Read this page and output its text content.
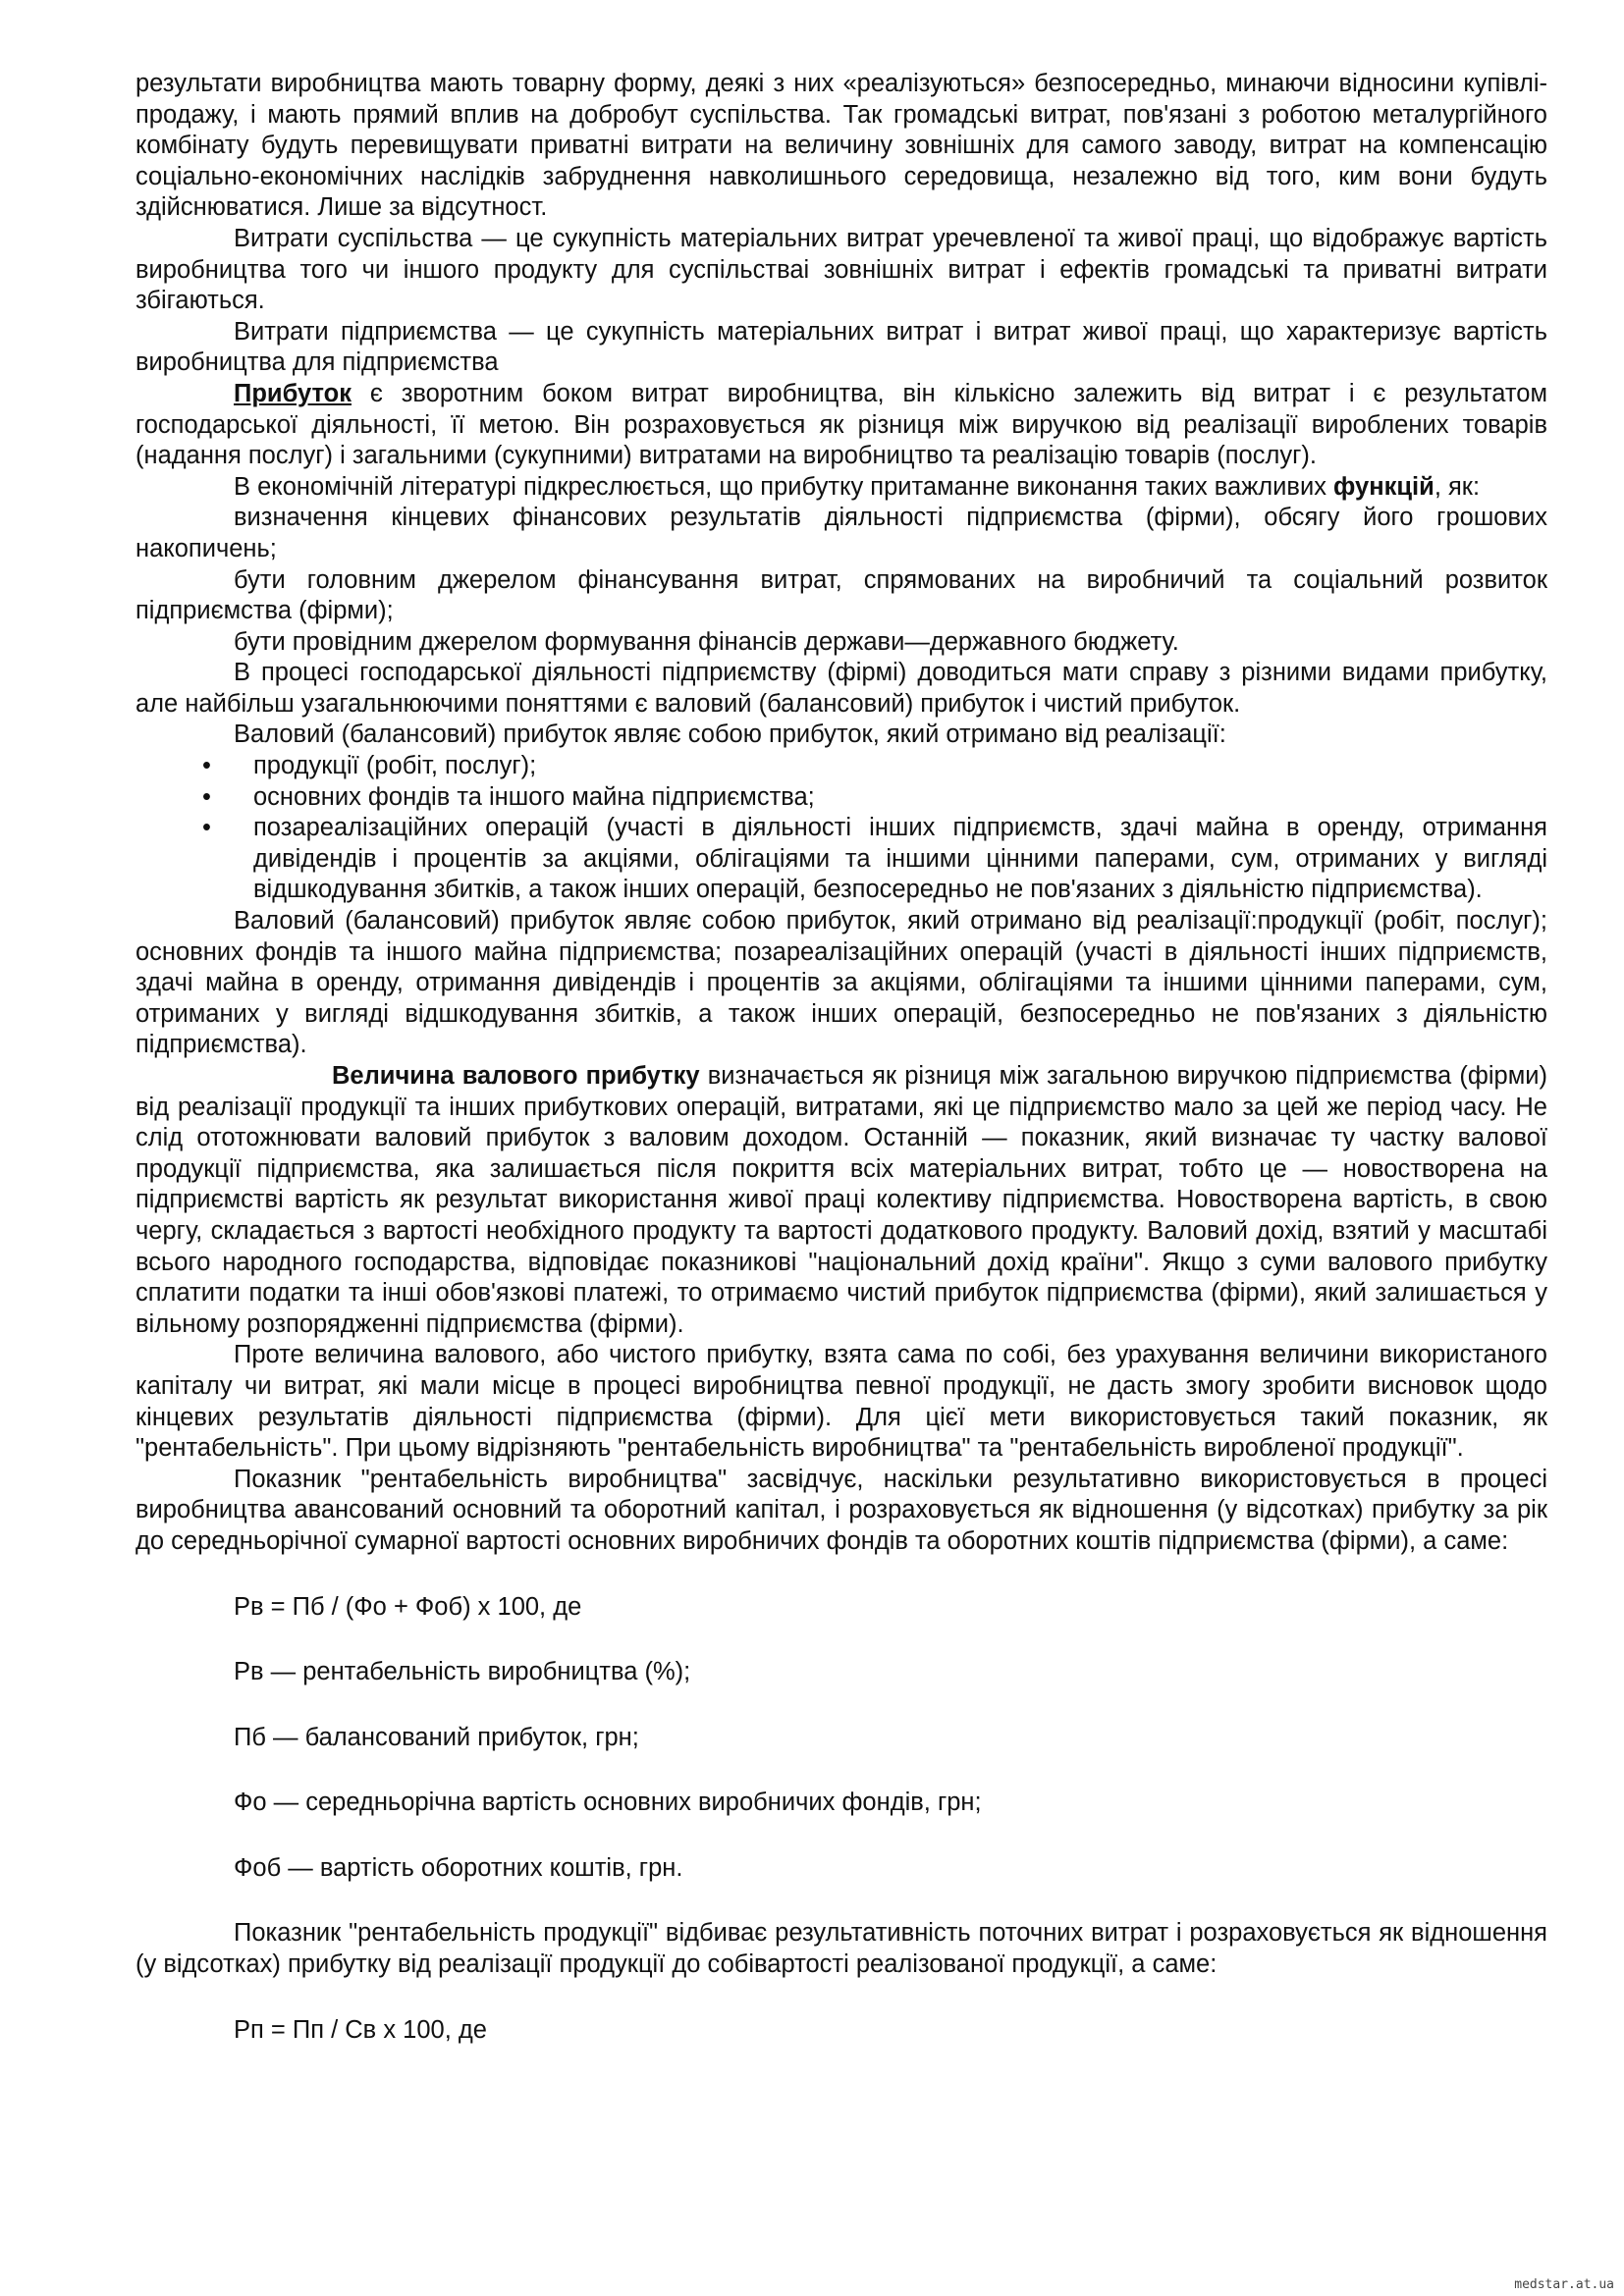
результати виробництва мають товарну форму, деякі з них «реалізуються» безпосередньо, минаючи відносини купівлі-продажу, і мають прямий вплив на добробут суспільства. Так громадські витрат, пов'язані з роботою металургійного комбінату будуть перевищувати приватні витрати на величину зовнішніх для самого заводу, витрат на компенсацію соціально-економічних наслідків забруднення навколишнього середовища, незалежно від того, ким вони будуть здійснюватися. Лише за відсутност.

Витрати суспільства — це сукупність матеріальних витрат уречевленої та живої праці, що відображує вартість виробництва того чи іншого продукту для суспільстваі зовнішніх витрат і ефектів громадські та приватні витрати збігаються.

Витрати підприємства — це сукупність матеріальних витрат і витрат живої праці, що характеризує вартість виробництва для підприємства

Прибуток є зворотним боком витрат виробництва, він кількісно залежить від витрат і є результатом господарської діяльності, її метою. Він розраховується як різниця між виручкою від реалізації вироблених товарів (надання послуг) і загальними (сукупними) витратами на виробництво та реалізацію товарів (послуг).

В економічній літературі підкреслюється, що прибутку притаманне виконання таких важливих функцій, як:

визначення кінцевих фінансових результатів діяльності підприємства (фірми), обсягу його грошових накопичень;

бути головним джерелом фінансування витрат, спрямованих на виробничий та соціальний розвиток підприємства (фірми);

бути провідним джерелом формування фінансів держави—державного бюджету.

В процесі господарської діяльності підприємству (фірмі) доводиться мати справу з різними видами прибутку, але найбільш узагальнюючими поняттями є валовий (балансовий) прибуток і чистий прибуток.

Валовий (балансовий) прибуток являє собою прибуток, який отримано від реалізації:

• продукції (робіт, послуг);
• основних фондів та іншого майна підприємства;
• позареалізаційних операцій (участі в діяльності інших підприємств, здачі майна в оренду, отримання дивідендів і процентів за акціями, облігаціями та іншими цінними паперами, сум, отриманих у вигляді відшкодування збитків, а також інших операцій, безпосередньо не пов'язаних з діяльністю підприємства).

Валовий (балансовий) прибуток являє собою прибуток, який отримано від реалізації:продукції (робіт, послуг); основних фондів та іншого майна підприємства; позареалізаційних операцій (участі в діяльності інших підприємств, здачі майна в оренду, отримання дивідендів і процентів за акціями, облігаціями та іншими цінними паперами, сум, отриманих у вигляді відшкодування збитків, а також інших операцій, безпосередньо не пов'язаних з діяльністю підприємства).

Величина валового прибутку визначається як різниця між загальною виручкою підприємства (фірми) від реалізації продукції та інших прибуткових операцій, витратами, які це підприємство мало за цей же період часу. Не слід ототожнювати валовий прибуток з валовим доходом. Останній — показник, який визначає ту частку валової продукції підприємства, яка залишається після покриття всіх матеріальних витрат, тобто це — новостворена на підприємстві вартість як результат використання живої праці колективу підприємства. Новостворена вартість, в свою чергу, складається з вартості необхідного продукту та вартості додаткового продукту. Валовий дохід, взятий у масштабі всього народного господарства, відповідає показникові "національний дохід країни". Якщо з суми валового прибутку сплатити податки та інші обов'язкові платежі, то отримаємо чистий прибуток підприємства (фірми), який залишається у вільному розпорядженні підприємства (фірми).

Проте величина валового, або чистого прибутку, взята сама по собі, без урахування величини використаного капіталу чи витрат, які мали місце в процесі виробництва певної продукції, не дасть змогу зробити висновок щодо кінцевих результатів діяльності підприємства (фірми). Для цієї мети використовується такий показник, як "рентабельність". При цьому відрізняють "рентабельність виробництва" та "рентабельність виробленої продукції".

Показник "рентабельність виробництва" засвідчує, наскільки результативно використовується в процесі виробництва авансований основний та оборотний капітал, і розраховується як відношення (у відсотках) прибутку за рік до середньорічної сумарної вартості основних виробничих фондів та оборотних коштів підприємства (фірми), а саме:

Рв = Пб / (Фо + Фоб) х 100, де

Рв — рентабельність виробництва (%);

Пб — балансований прибуток, грн;

Фо — середньорічна вартість основних виробничих фондів, грн;

Фоб — вартість оборотних коштів, грн.

Показник "рентабельність продукції" відбиває результативність поточних витрат і розраховується як відношення (у відсотках) прибутку від реалізації продукції до собівартості реалізованої продукції, а саме:

Рп = Пп / Св х 100, де

medstar.at.ua
